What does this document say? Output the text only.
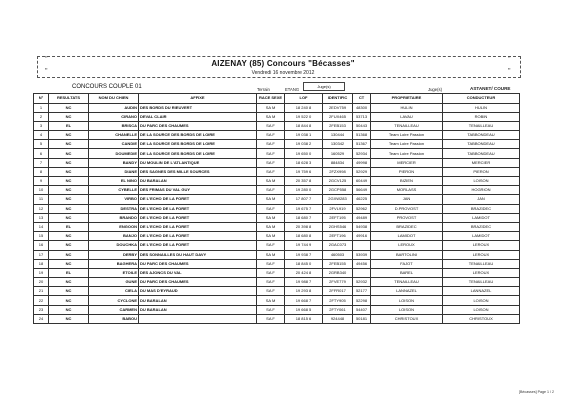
"
"
"
"
AIZENAY (85) Concours "Bécasses"
Vendredi 16 novembre 2012
CONCOURS COUPLE 01	Terrain	ETANG
Juge(s)
Juge(s)	ASTANET/ COURE
N°	RESULTATS	NOM DU CHIEN	AFFIXE	RACE SEXE	LOF	IDENTIFIC	CT	PROPRIETAIRE	CONDUCTEUR
1	NC	AUDIN	DES BORDS DU RIEUVERT	SA M	18 240 8	2EDV759	48300	HULIN	HULIN
2	NC	CIRANO	DEVAL CLAIR	SA M	19 522 0	2FUX465	53713	LAVAU	ROBIN
3	EL	BRISCA	DU PARC DES CHAUMES	SA F	18 844 8	2FEB153	50443	TENAILLEAU	TENAILLEAU
4	NC	CHANELLE	DE LA SOURCE DES BORDS DE LOIRE	SA F	19 038 1	130444	51368	Team Loire Passion	TABBONDEAU
5	NC	CANDIE	DE LA SOURCE DES BORDS DE LOIRE	SA F	19 038 2	130342	51367	Team Loire Passion	TABBONDEAU
6	NC	DOUMEDIE	DE LA SOURCE DES BORDS DE LOIRE	SA F	19 650 0	160529	52934	Team Loire Passion	TABBONDEAU
7	NC	BANDY	DU MOULIN DE L'ATLANTIQUE	SA F	18 628 3	884834	49998	MERCIER	MERCIER
8	NC	DIANE	DES SAGNES DES MILLE SOURCES	SA F	19 759 6	2FZX998	52929	PIERON	PIERON
9	NC	EL NINO	DU BARALAN	SA M	20 357 8	2GCV125	60449	BIZIEN	LOISON
10	NC	CYBELLE	DES FRIMAS DU VAL GUY	SA F	19 280 0	2GCP558	56649	MORLASS	HOGRION
11	NC	VIRBO	DE L'ECHO DE LA FORET	SA M	17 807 7	2GXW283	46225	JAN	JAN
12	NC	DESTRA	DE L'ECHO DE LA FORET	SA F	19 675 7	2FVL919	52962	D.PROVOST	BRAZIDEC
13	NC	BRANDO	DE L'ECHO DE LA FORET	SA M	18 680 7	2EFT195	49489	PROVOST	LAMIDOT
14	EL	ENGOON	DE L'ECHO DE LA FORET	SA M	20 398 8	2GHS546	54938	BRAZIDEC	BRAZIDEC
15	NC	BANJO	DE L'ECHO DE LA FORET	SA M	18 680 8	2EFT196	49916	LAMIDOT	LAMIDOT
16	NC	DOUCHKA	DE L'ECHO DE LA FORET	SA F	19 744 9	2GAC073		LEROUX	LEROUX
17	NC	DERBY	DES SONNAILLES DU HAUT DAVY	SA M	19 938 7	460503	53939	BARTOLINI	LEROUX
18	NC	BAGHERA	DU PARC DES CHAUMES	SA F	18 845 0	2FEB155	49456	FAJOT	TENAILLEAU
19	EL	ETOILE	DES AJONCS DU VAL	SA F	20 424 8	2GRB340		BAREL	LEROUX
20	NC	GUNE	DU PARC DES CHAUMES	SA F	19 988 7	2FVE779	52932	TENAILLEAU	TENAILLEAU
21	NC	CIELA	DU MAS D'EYRAUD	SA F	19 293 8	2FFR017	52177	LANNAZEL	LANNAZEL
22	NC	CYCLONE	DU BARALAN	SA M	19 668 7	2FTY905	52298	LOISON	LOISON
23	NC	CARMEN	DU BARALAN	SA F	19 668 5	2FTY061	54407	LOISON	LOISON
24	NC	BABOU		SA F	18 815 6	924448	50181	CHRISTOUX	CHRISTOUX
[Bécasses] Page 1 / 2
